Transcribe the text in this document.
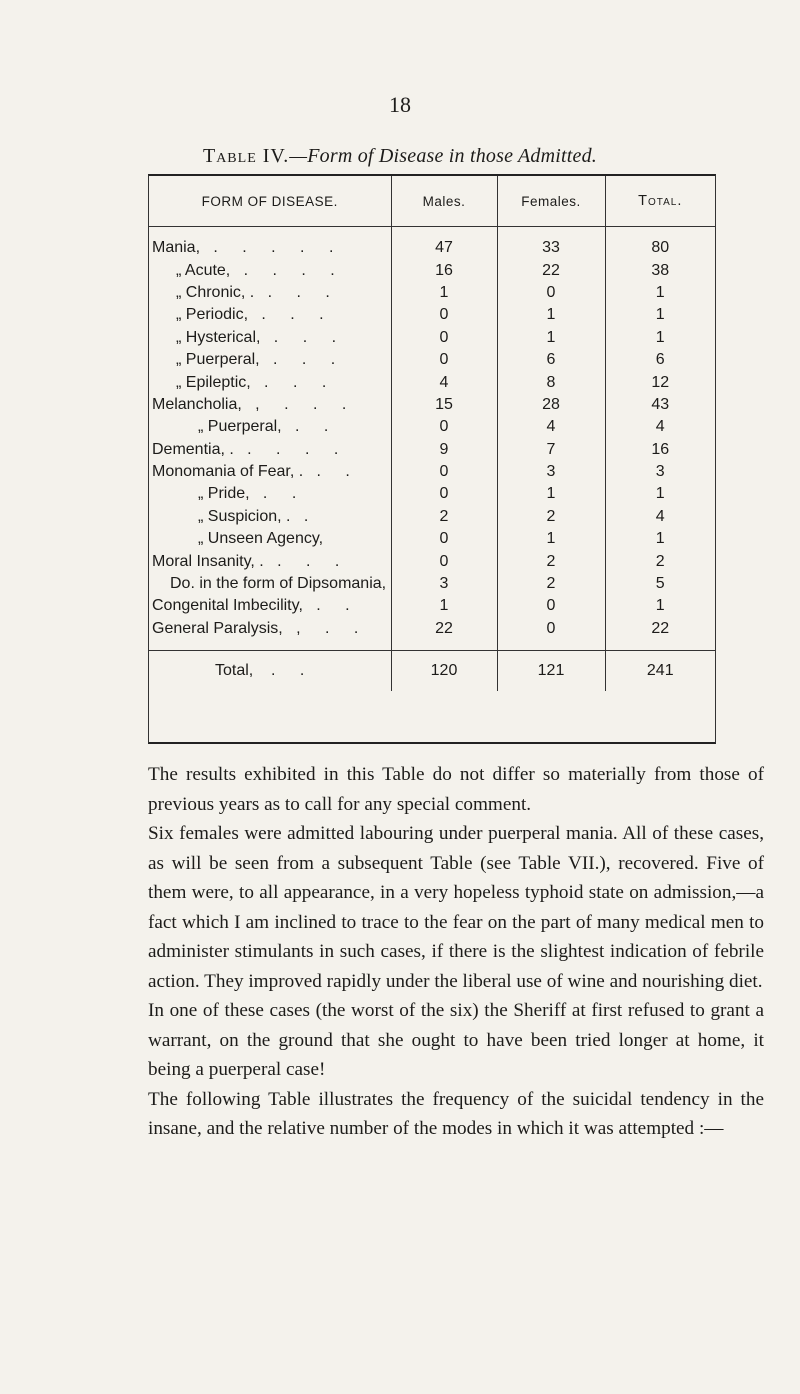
18
Table IV.—Form of Disease in those Admitted.
FORM OF DISEASE.	Males.	Females.	Total.

Mania, . . . . .	47	33	80
„ Acute, . . . .	16	22	38
„ Chronic, . . . .	1	0	1
„ Periodic, . . .	0	1	1
„ Hysterical, . . .	0	1	1
„ Puerperal, . . .	0	6	6
„ Epileptic, . . .	4	8	12
Melancholia, , . . .	15	28	43
„ Puerperal, . .	0	4	4
Dementia, . . . . .	9	7	16
Monomania of Fear, . . .	0	3	3
„ Pride, . .	0	1	1
„ Suspicion, . .	2	2	4
„ Unseen Agency,	0	1	1
Moral Insanity, . . . .	0	2	2
Do. in the form of Dipsomania,	3	2	5
Congenital Imbecility, . .	1	0	1
General Paralysis, , . .	22	0	22

Total, . .	120	121	241

The results exhibited in this Table do not differ so materially from those of previous years as to call for any special comment.

Six females were admitted labouring under puerperal mania. All of these cases, as will be seen from a subsequent Table (see Table VII.), recovered. Five of them were, to all appearance, in a very hopeless typhoid state on admission,—a fact which I am inclined to trace to the fear on the part of many medical men to administer stimulants in such cases, if there is the slightest indication of febrile action. They improved rapidly under the liberal use of wine and nourishing diet.

In one of these cases (the worst of the six) the Sheriff at first refused to grant a warrant, on the ground that she ought to have been tried longer at home, it being a puerperal case!

The following Table illustrates the frequency of the suicidal tendency in the insane, and the relative number of the modes in which it was attempted :—
